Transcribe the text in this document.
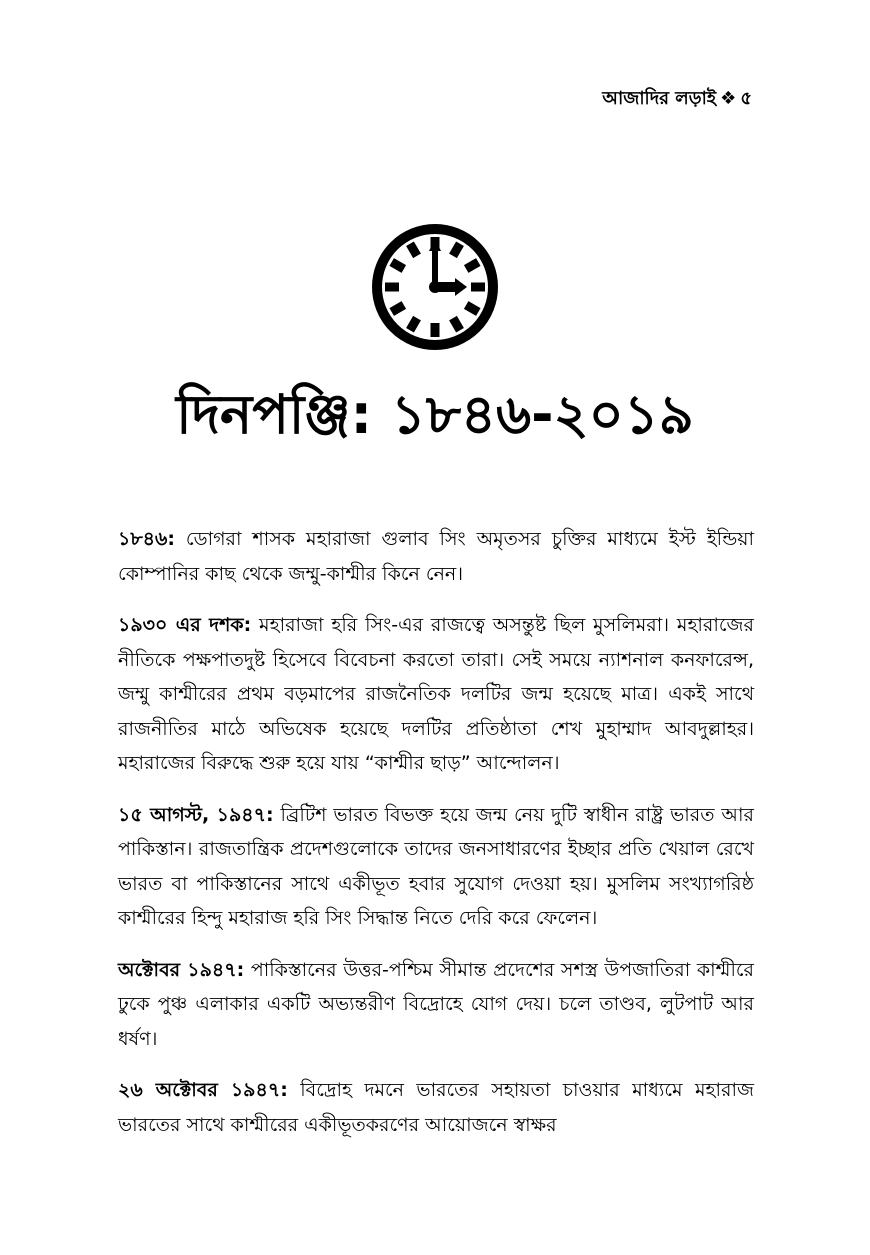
আজাদির লড়াই ❖ ৫
দিনপঞ্জি: ১৮৪৬-২০১৯

১৮৪৬: ডোগরা শাসক মহারাজা গুলাব সিং অমৃতসর চুক্তির মাধ্যমে ইস্ট ইন্ডিয়া কোম্পানির কাছ থেকে জম্মু-কাশ্মীর কিনে নেন।

১৯৩০ এর দশক: মহারাজা হরি সিং-এর রাজত্বে অসন্তুষ্ট ছিল মুসলিমরা। মহারাজের নীতিকে পক্ষপাতদুষ্ট হিসেবে বিবেচনা করতো তারা। সেই সময়ে ন্যাশনাল কনফারেন্স, জম্মু কাশ্মীরের প্রথম বড়মাপের রাজনৈতিক দলটির জন্ম হয়েছে মাত্র। একই সাথে রাজনীতির মাঠে অভিষেক হয়েছে দলটির প্রতিষ্ঠাতা শেখ মুহাম্মাদ আবদুল্লাহর। মহারাজের বিরুদ্ধে শুরু হয়ে যায় “কাশ্মীর ছাড়” আন্দোলন।

১৫ আগস্ট, ১৯৪৭: ব্রিটিশ ভারত বিভক্ত হয়ে জন্ম নেয় দুটি স্বাধীন রাষ্ট্র ভারত আর পাকিস্তান। রাজতান্ত্রিক প্রদেশগুলোকে তাদের জনসাধারণের ইচ্ছার প্রতি খেয়াল রেখে ভারত বা পাকিস্তানের সাথে একীভূত হবার সুযোগ দেওয়া হয়। মুসলিম সংখ্যাগরিষ্ঠ কাশ্মীরের হিন্দু মহারাজ হরি সিং সিদ্ধান্ত নিতে দেরি করে ফেলেন।

অক্টোবর ১৯৪৭: পাকিস্তানের উত্তর-পশ্চিম সীমান্ত প্রদেশের সশস্ত্র উপজাতিরা কাশ্মীরে ঢুকে পুঞ্চ এলাকার একটি অভ্যন্তরীণ বিদ্রোহে যোগ দেয়। চলে তাণ্ডব, লুটপাট আর ধর্ষণ।

২৬ অক্টোবর ১৯৪৭: বিদ্রোহ দমনে ভারতের সহায়তা চাওয়ার মাধ্যমে মহারাজ ভারতের সাথে কাশ্মীরের একীভূতকরণের আয়োজনে স্বাক্ষর
